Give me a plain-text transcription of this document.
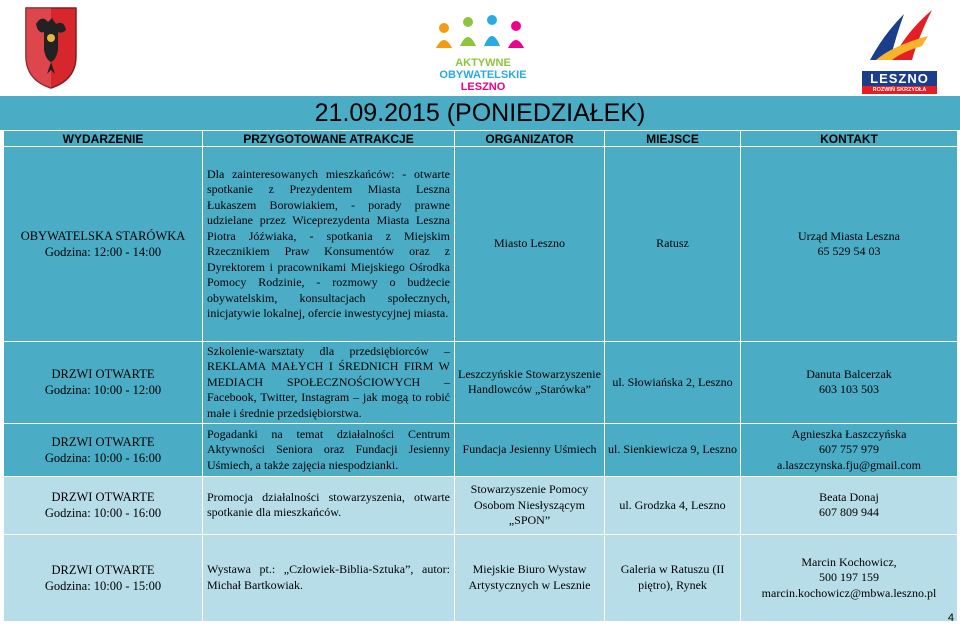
AKTYWNE
OBYWATELSKIE
LESZNO
LESZNO
ROZWIŃ SKRZYDŁA
21.09.2015 (PONIEDZIAŁEK)
WYDARZENIE	PRZYGOTOWANE ATRAKCJE	ORGANIZATOR	MIEJSCE	KONTAKT

OBYWATELSKA STARÓWKA
Godzina: 12:00 - 14:00	Dla zainteresowanych mieszkańców: - otwarte spotkanie z Prezydentem Miasta Leszna Łukaszem Borowiakiem, - porady prawne udzielane przez Wiceprezydenta Miasta Leszna Piotra Jóźwiaka, - spotkania z Miejskim Rzecznikiem Praw Konsumentów oraz z Dyrektorem i pracownikami Miejskiego Ośrodka Pomocy Rodzinie, - rozmowy o budżecie obywatelskim, konsultacjach społecznych, inicjatywie lokalnej, ofercie inwestycyjnej miasta.	Miasto Leszno	Ratusz	Urząd Miasta Leszna
65 529 54 03

DRZWI OTWARTE
Godzina: 10:00 - 12:00	Szkolenie-warsztaty dla przedsiębiorców – REKLAMA MAŁYCH I ŚREDNICH FIRM W MEDIACH SPOŁECZNOŚCIOWYCH – Facebook, Twitter, Instagram – jak mogą to robić małe i średnie przedsiębiorstwa.	Leszczyńskie Stowarzyszenie Handlowców „Starówka”	ul. Słowiańska 2, Leszno	Danuta Balcerzak
603 103 503

DRZWI OTWARTE
Godzina: 10:00 - 16:00	Pogadanki na temat działalności Centrum Aktywności Seniora oraz Fundacji Jesienny Uśmiech, a także zajęcia niespodzianki.	Fundacja Jesienny Uśmiech	ul. Sienkiewicza 9, Leszno	Agnieszka Łaszczyńska
607 757 979
a.laszczynska.fju@gmail.com

DRZWI OTWARTE
Godzina: 10:00 - 16:00	Promocja działalności stowarzyszenia, otwarte spotkanie dla mieszkańców.	Stowarzyszenie Pomocy Osobom Niesłyszącym „SPON”	ul. Grodzka 4, Leszno	Beata Donaj
607 809 944

DRZWI OTWARTE
Godzina: 10:00 - 15:00	Wystawa pt.: „Człowiek-Biblia-Sztuka”, autor: Michał Bartkowiak.	Miejskie Biuro Wystaw Artystycznych w Lesznie	Galeria w Ratuszu (II piętro), Rynek	Marcin Kochowicz,
500 197 159
marcin.kochowicz@mbwa.leszno.pl
4
